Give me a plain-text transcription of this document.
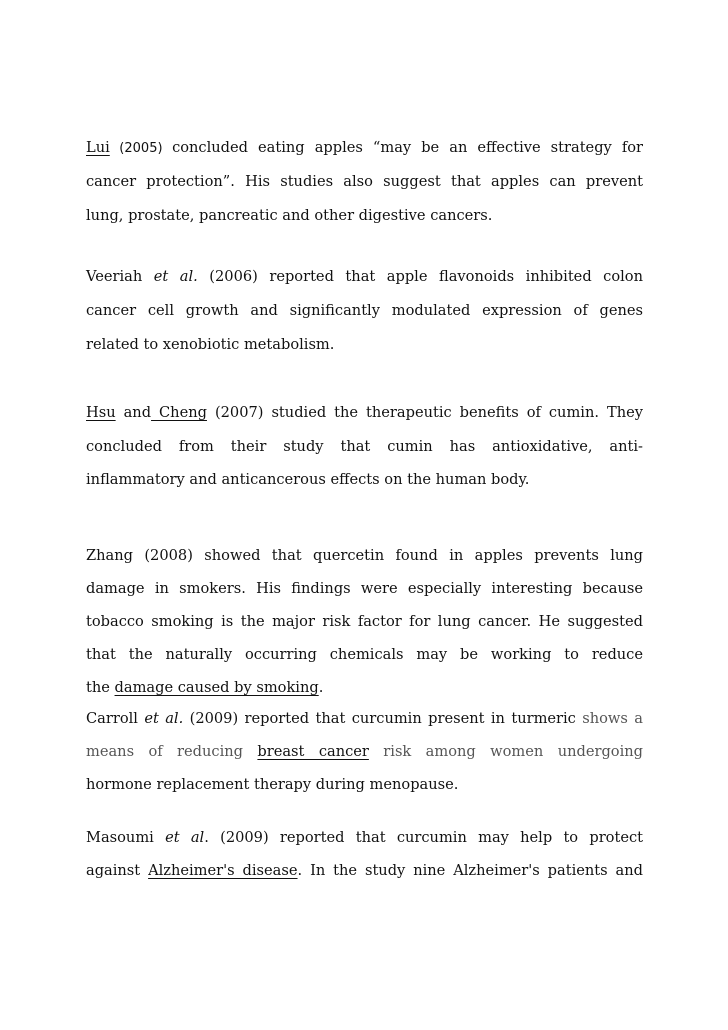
Lui (2005) concluded eating apples “may be an effective strategy for
cancer protection”. His studies also suggest that apples can prevent
lung, prostate, pancreatic and other digestive cancers.
Veeriah et al. (2006) reported that apple flavonoids inhibited colon
cancer cell growth and significantly modulated expression of genes
related to xenobiotic metabolism.
Hsu and Cheng (2007) studied the therapeutic benefits of cumin. They
concluded from their study that cumin has antioxidative, anti-
inflammatory and anticancerous effects on the human body.
Zhang (2008) showed that quercetin found in apples prevents lung
damage in smokers. His findings were especially interesting because
tobacco smoking is the major risk factor for lung cancer. He suggested
that the naturally occurring chemicals may be working to reduce
the damage caused by smoking.
Carroll et al. (2009) reported that curcumin present in turmeric shows a
means of reducing breast cancer risk among women undergoing
hormone replacement therapy during menopause.
Masoumi et al. (2009) reported that curcumin may help to protect
against Alzheimer's disease. In the study nine Alzheimer's patients and
